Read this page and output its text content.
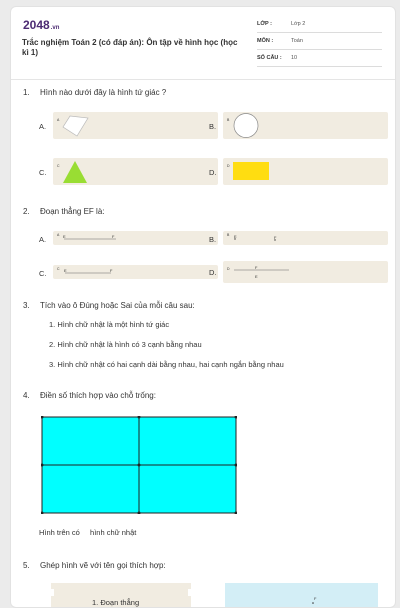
2048.vn
Trắc nghiệm Toán 2 (có đáp án): Ôn tập về hình học (học kì 1)
LỚP :	Lớp 2
MÔN :	Toán
SỐ CÂU : 10
1. Hình nào dưới đây là hình tứ giác ?
A.
A
B.
B
C.
C
D.
D
2. Đoạn thẳng EF là:
A.	A E	F	B.	B E	F
C.	C E	F	D.	D	F
E
3. Tích vào ô Đúng hoặc Sai của mỗi câu sau:
1. Hình chữ nhật là một hình tứ giác
2. Hình chữ nhật là hình có 3 cạnh bằng nhau
3. Hình chữ nhật có hai cạnh dài bằng nhau, hai cạnh ngắn bằng nhau
4. Điền số thích hợp vào chỗ trống:
Hình trên có hình chữ nhật
5. Ghép hình vẽ với tên gọi thích hợp:
1. Đoạn thẳng	F
